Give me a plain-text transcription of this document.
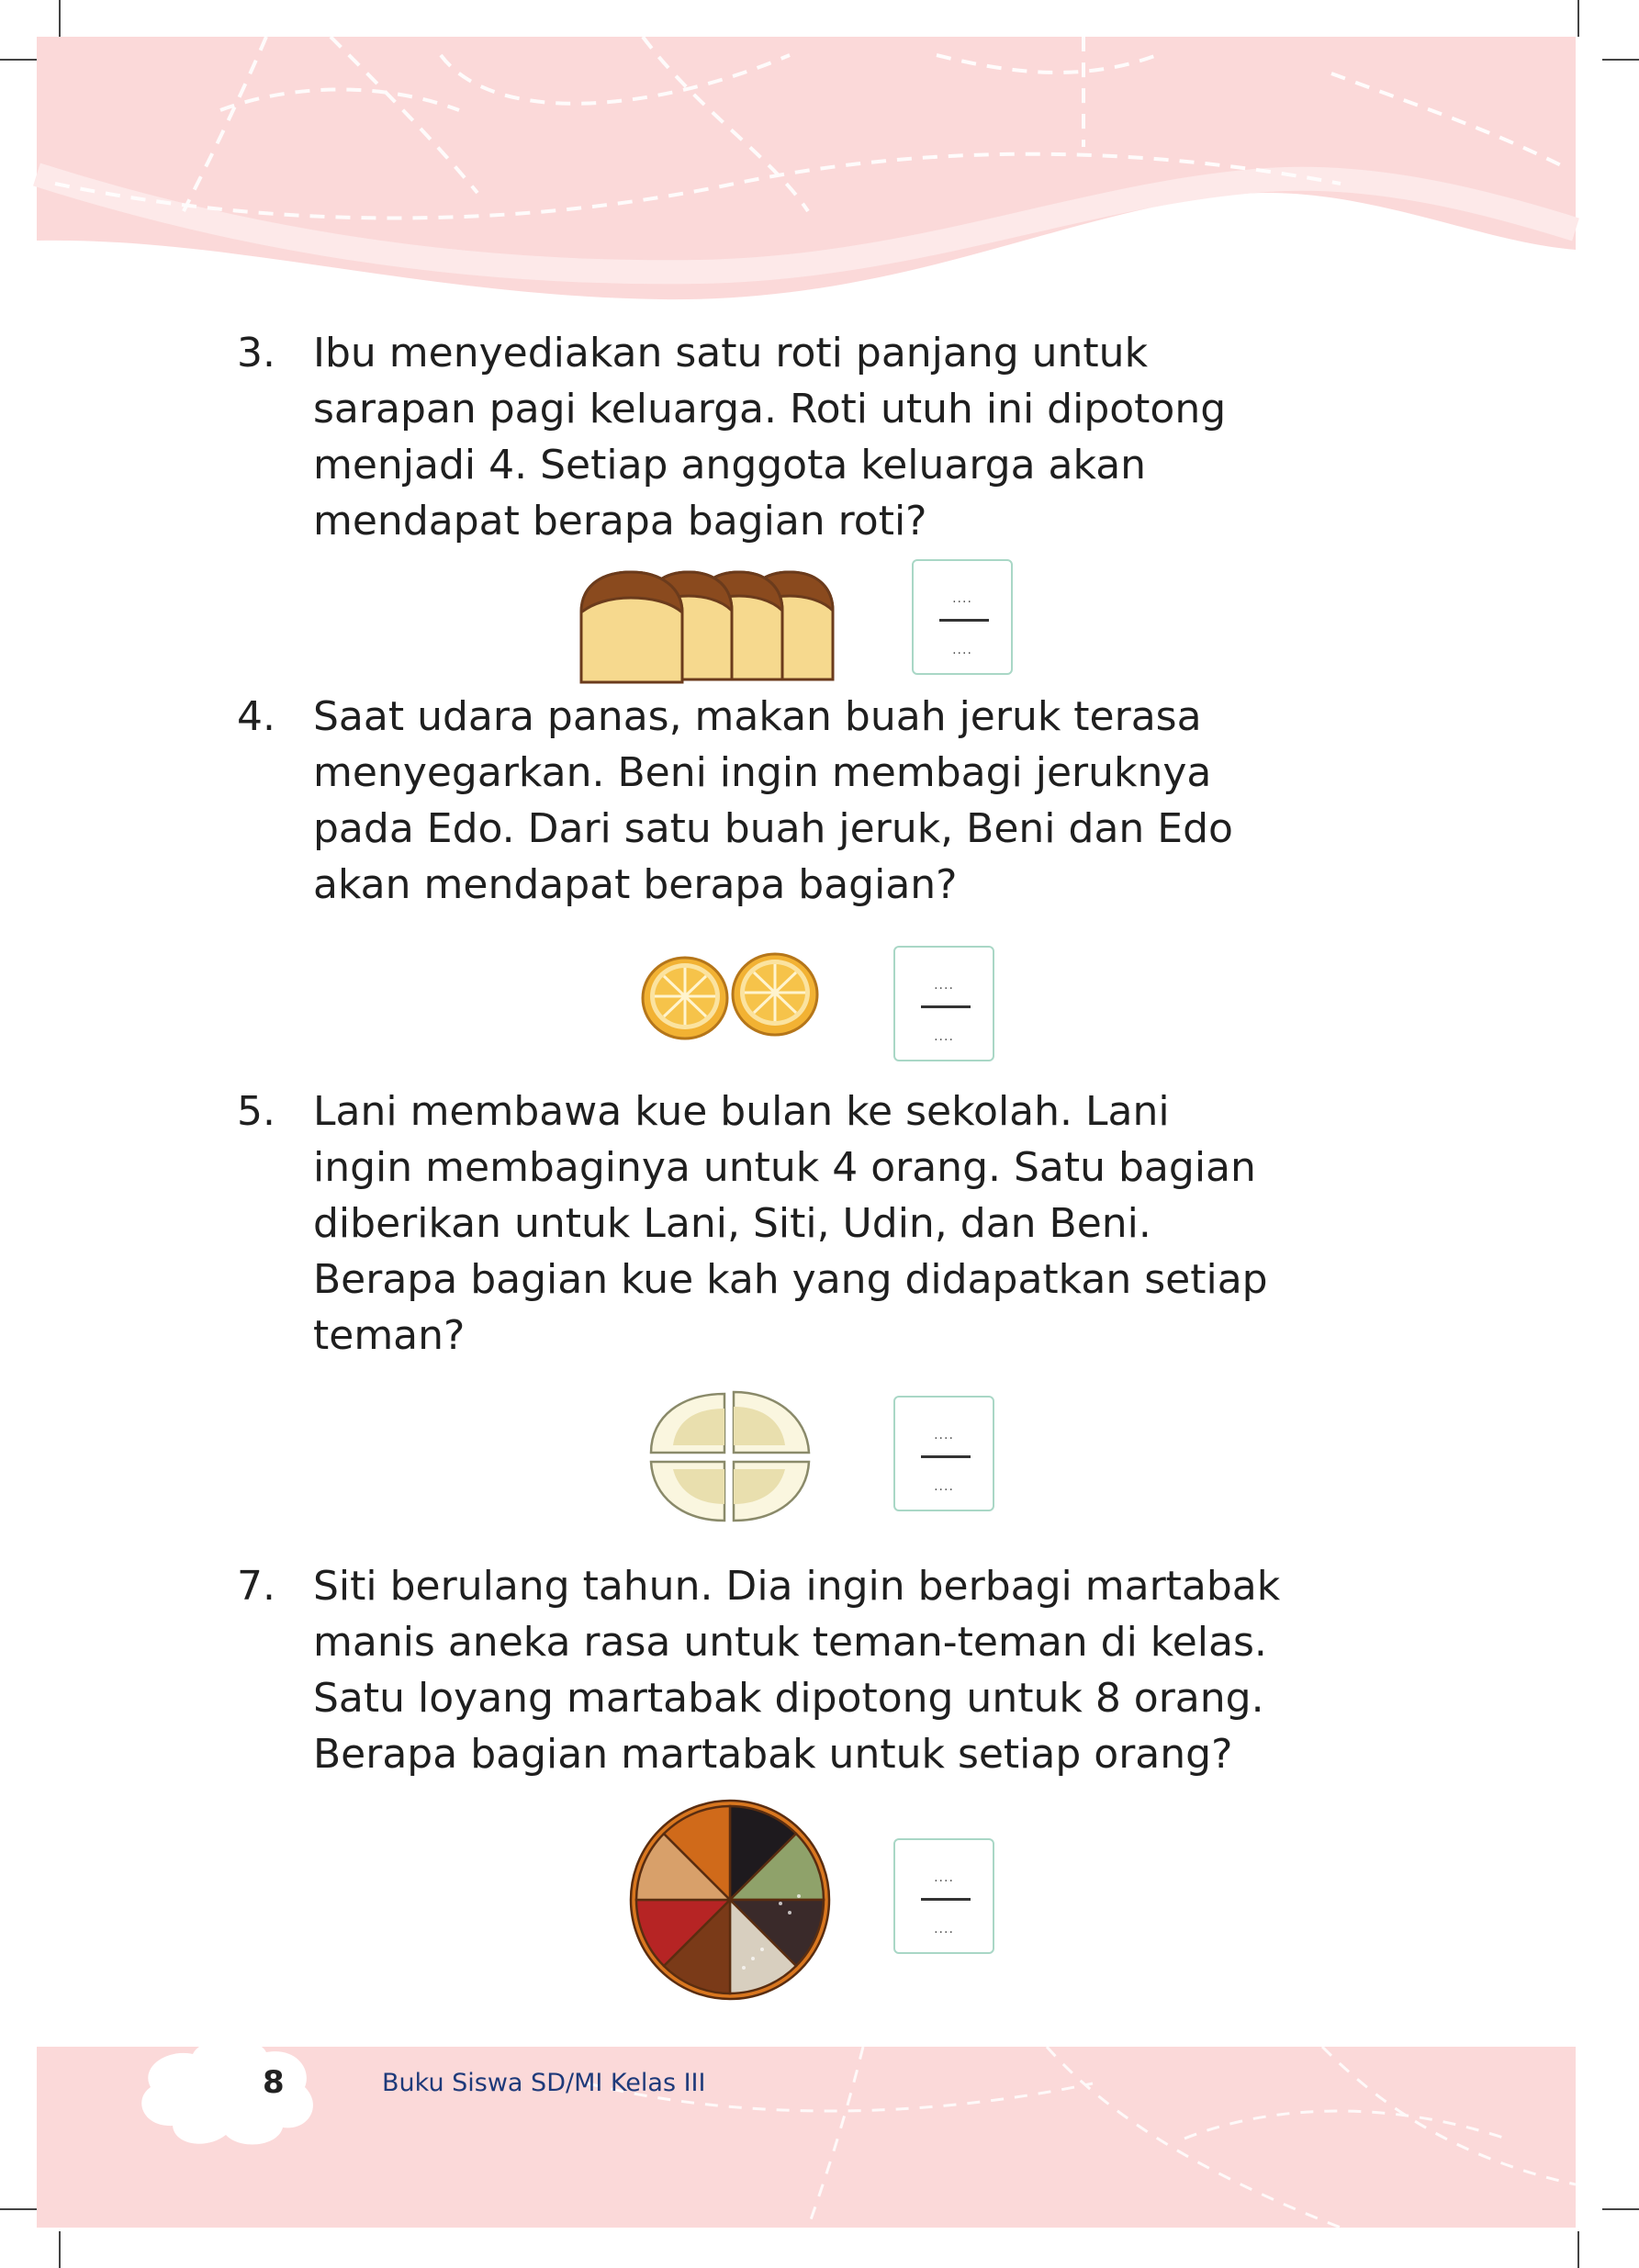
3. Ibu menyediakan satu roti panjang untuk
sarapan pagi keluarga. Roti utuh ini dipotong
menjadi 4. Setiap anggota keluarga akan
mendapat berapa bagian roti?
....
....
4. Saat udara panas, makan buah jeruk terasa
menyegarkan. Beni ingin membagi jeruknya
pada Edo. Dari satu buah jeruk, Beni dan Edo
akan mendapat berapa bagian?
....
....
5. Lani membawa kue bulan ke sekolah. Lani
ingin membaginya untuk 4 orang. Satu bagian
diberikan untuk Lani, Siti, Udin, dan Beni.
Berapa bagian kue kah yang didapatkan setiap
teman?
....
....
7. Siti berulang tahun. Dia ingin berbagi martabak
manis aneka rasa untuk teman-teman di kelas.
Satu loyang martabak dipotong untuk 8 orang.
Berapa bagian martabak untuk setiap orang?
....
....
8	Buku Siswa SD/MI Kelas III
